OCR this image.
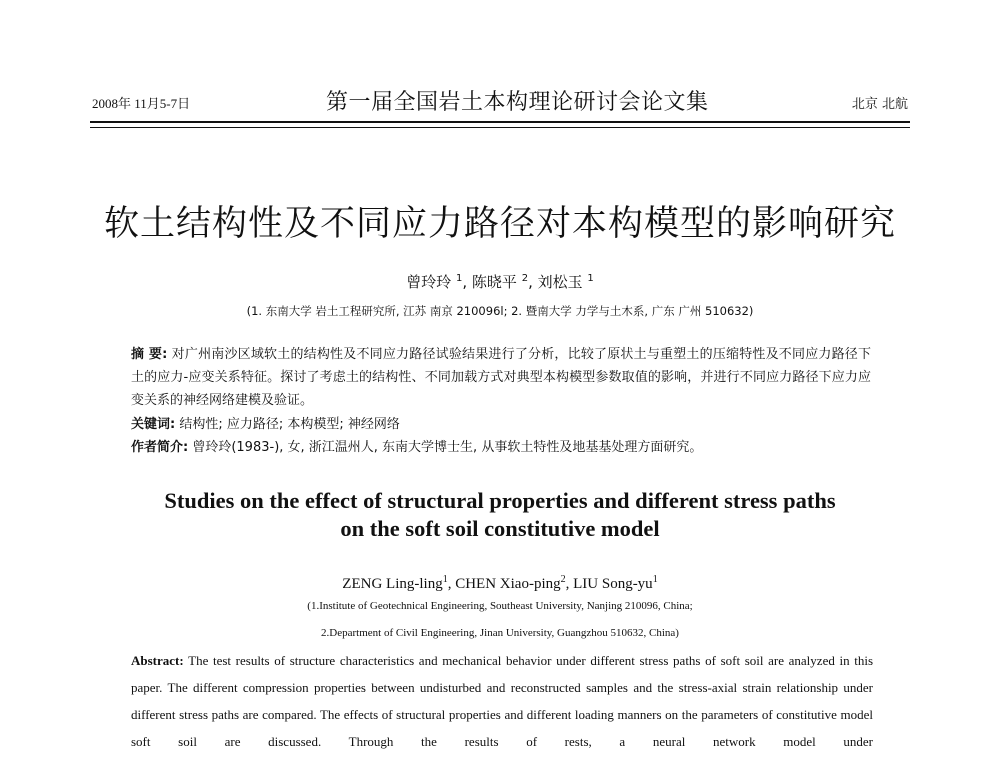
2008年 11月5-7日	第一届全国岩土本构理论研讨会论文集	北京 北航
软土结构性及不同应力路径对本构模型的影响研究
曾玲玲 $^1$, 陈晓平 $^2$, 刘松玉 $^1$
(1. 东南大学 岩土工程研究所, 江苏 南京 210096l; 2. 暨南大学 力学与土木系, 广东 广州 510632)
摘 要: 对广州南沙区域软土的结构性及不同应力路径试验结果进行了分析，比较了原状土与重塑土的压缩特性及不同应力路径下土的应力-应变关系特征。探讨了考虑土的结构性、不同加载方式对典型本构模型参数取值的影响，并进行不同应力路径下应力应变关系的神经网络建模及验证。
关键词: 结构性; 应力路径; 本构模型; 神经网络
作者简介: 曾玲玲(1983-), 女, 浙江温州人, 东南大学博士生, 从事软土特性及地基基处理方面研究。
Studies on the effect of structural properties and different stress paths
on the soft soil constitutive model
ZENG Ling-ling$^1$, CHEN Xiao-ping$^2$, LIU Song-$yu^1$
(1.Institute of Geotechnical Engineering, Southeast University, Nanjing 210096, China;
2.Department of Civil Engineering, Jinan University, Guangzhou 510632, China)
Abstract: The test results of structure characteristics and mechanical behavior under different stress paths of soft soil are analyzed in this paper. The different compression properties between undisturbed and reconstructed samples and the stress-axial strain relationship under different stress paths are compared. The effects of structural properties and different loading manners on the parameters of constitutive model soft soil are discussed. Through the results of rests, a neural network model under
